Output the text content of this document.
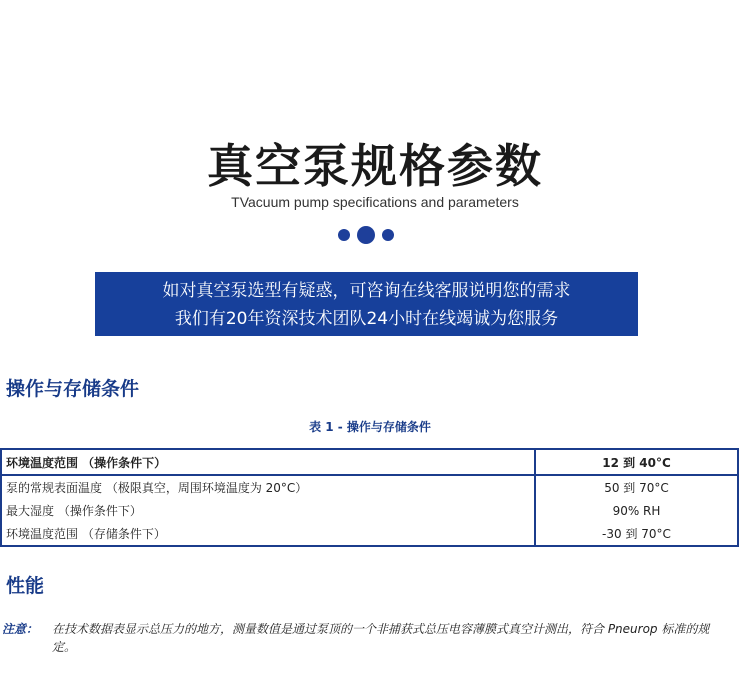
真空泵规格参数
TVacuum pump specifications and parameters
如对真空泵选型有疑惑，可咨询在线客服说明您的需求
我们有20年资深技术团队24小时在线竭诚为您服务
操作与存储条件
表 1 - 操作与存储条件
环境温度范围 （操作条件下）	12 到 40°C
泵的常规表面温度 （极限真空，周围环境温度为 20°C）	50 到 70°C
最大湿度 （操作条件下）	90% RH
环境温度范围 （存储条件下）	-30 到 70°C
性能
注意： 在技术数据表显示总压力的地方，测量数值是通过泵顶的一个非捕获式总压电容薄膜式真空计测出，符合 Pneurop 标准的规定。
